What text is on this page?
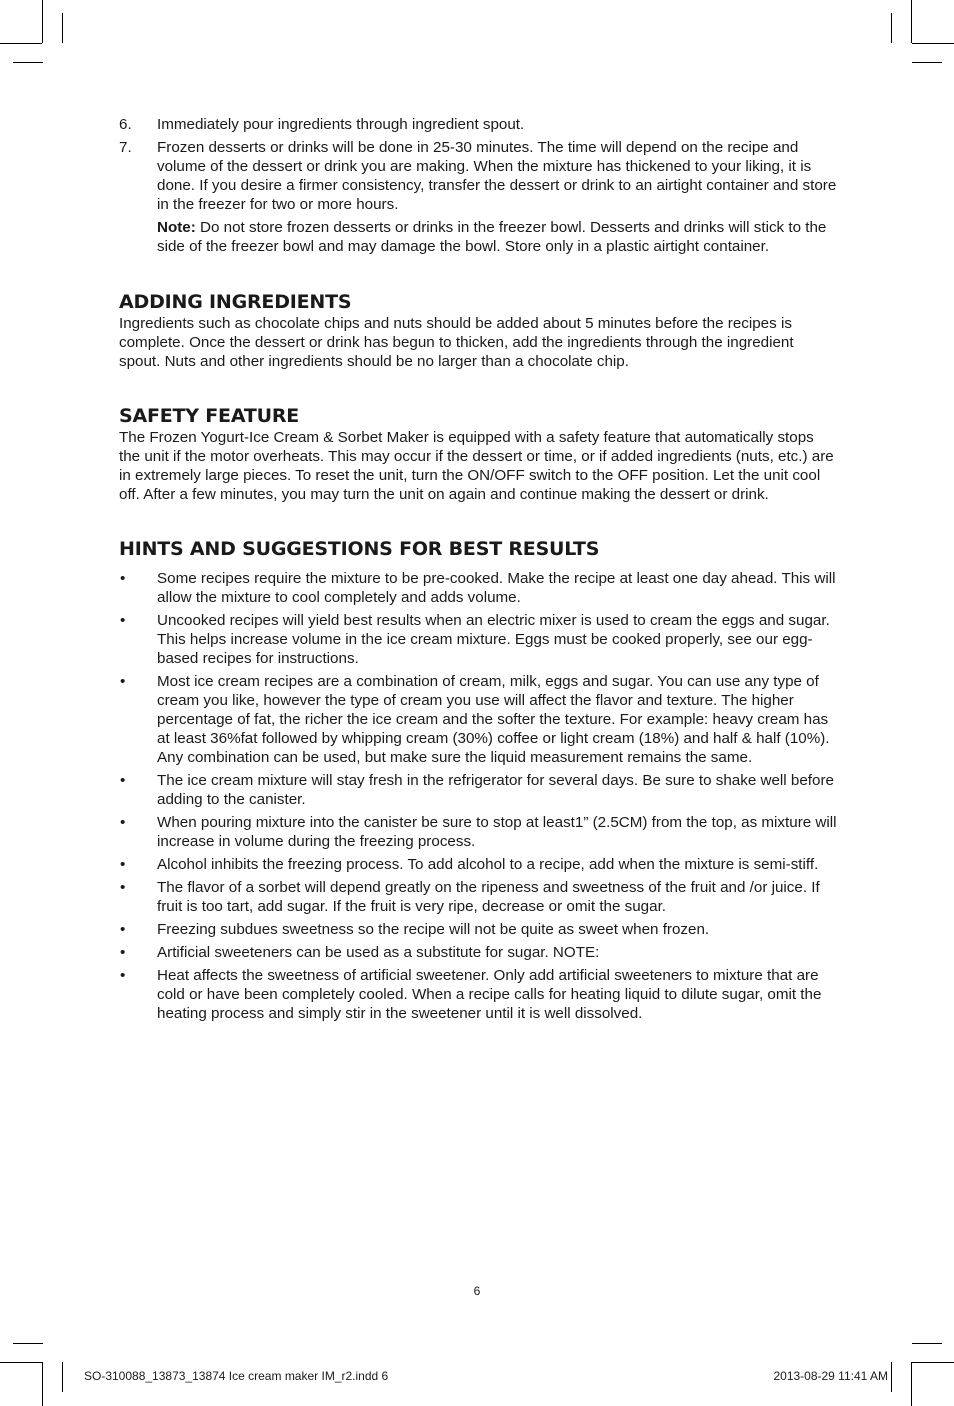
6. Immediately pour ingredients through ingredient spout.
7. Frozen desserts or drinks will be done in 25-30 minutes. The time will depend on the recipe and volume of the dessert or drink you are making. When the mixture has thickened to your liking, it is done. If you desire a firmer consistency, transfer the dessert or drink to an airtight container and store in the freezer for two or more hours.
Note: Do not store frozen desserts or drinks in the freezer bowl. Desserts and drinks will stick to the side of the freezer bowl and may damage the bowl. Store only in a plastic airtight container.
ADDING INGREDIENTS

Ingredients such as chocolate chips and nuts should be added about 5 minutes before the recipes is complete. Once the dessert or drink has begun to thicken, add the ingredients through the ingredient spout. Nuts and other ingredients should be no larger than a chocolate chip.

SAFETY FEATURE

The Frozen Yogurt-Ice Cream & Sorbet Maker is equipped with a safety feature that automatically stops the unit if the motor overheats. This may occur if the dessert or time, or if added ingredients (nuts, etc.) are in extremely large pieces. To reset the unit, turn the ON/OFF switch to the OFF position. Let the unit cool off. After a few minutes, you may turn the unit on again and continue making the dessert or drink.

HINTS AND SUGGESTIONS FOR BEST RESULTS
• Some recipes require the mixture to be pre-cooked. Make the recipe at least one day ahead. This will allow the mixture to cool completely and adds volume.
• Uncooked recipes will yield best results when an electric mixer is used to cream the eggs and sugar. This helps increase volume in the ice cream mixture. Eggs must be cooked properly, see our egg-based recipes for instructions.
• Most ice cream recipes are a combination of cream, milk, eggs and sugar. You can use any type of cream you like, however the type of cream you use will affect the flavor and texture. The higher percentage of fat, the richer the ice cream and the softer the texture. For example: heavy cream has at least 36%fat followed by whipping cream (30%) coffee or light cream (18%) and half & half (10%). Any combination can be used, but make sure the liquid measurement remains the same.
• The ice cream mixture will stay fresh in the refrigerator for several days. Be sure to shake well before adding to the canister.
• When pouring mixture into the canister be sure to stop at least1” (2.5CM) from the top, as mixture will increase in volume during the freezing process.
• Alcohol inhibits the freezing process. To add alcohol to a recipe, add when the mixture is semi-stiff.
• The flavor of a sorbet will depend greatly on the ripeness and sweetness of the fruit and /or juice. If fruit is too tart, add sugar. If the fruit is very ripe, decrease or omit the sugar.
• Freezing subdues sweetness so the recipe will not be quite as sweet when frozen.
• Artificial sweeteners can be used as a substitute for sugar. NOTE:
• Heat affects the sweetness of artificial sweetener. Only add artificial sweeteners to mixture that are cold or have been completely cooled. When a recipe calls for heating liquid to dilute sugar, omit the heating process and simply stir in the sweetener until it is well dissolved.
6
SO-310088_13873_13874 Ice cream maker IM_r2.indd 6	2013-08-29 11:41 AM
